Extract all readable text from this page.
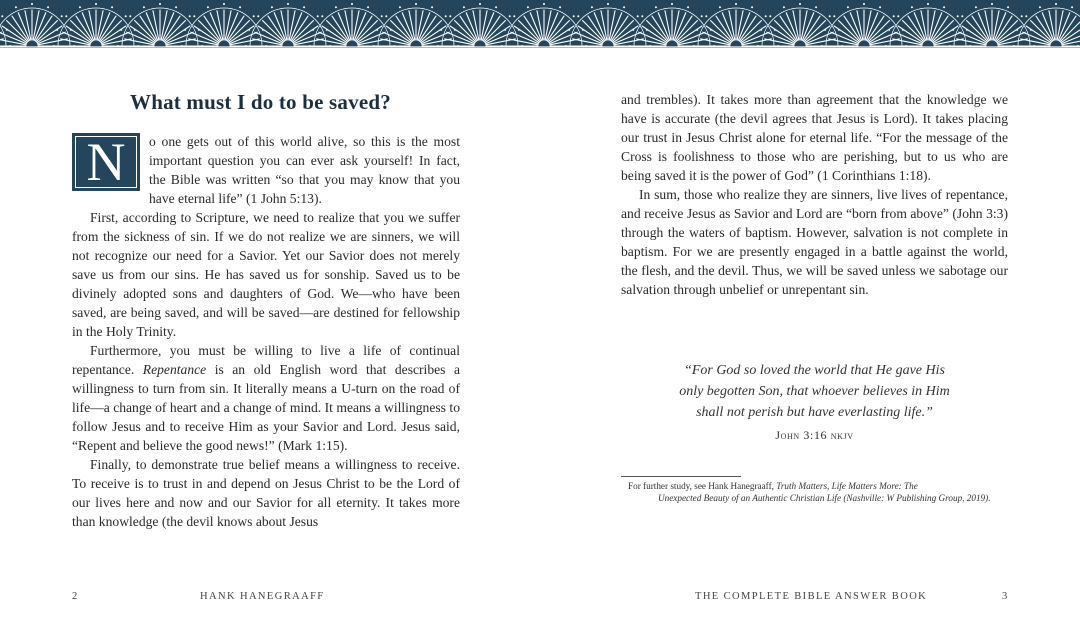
What must I do to be saved?

N	o one gets out of this world alive, so this is the most important question you can ever ask yourself! In fact, the Bible was written “so that you may know that you have eternal life” (1 John 5:13).

First, according to Scripture, we need to realize that you we suffer from the sickness of sin. If we do not realize we are sinners, we will not recognize our need for a Savior. Yet our Savior does not merely save us from our sins. He has saved us for sonship. Saved us to be divinely adopted sons and daughters of God. We—who have been saved, are being saved, and will be saved—are destined for fellowship in the Holy Trinity.

Furthermore, you must be willing to live a life of continual repentance. Repentance is an old English word that describes a willingness to turn from sin. It literally means a U-turn on the road of life—a change of heart and a change of mind. It means a willingness to follow Jesus and to receive Him as your Savior and Lord. Jesus said, “Repent and believe the good news!” (Mark 1:15).

Finally, to demonstrate true belief means a willingness to receive. To receive is to trust in and depend on Jesus Christ to be the Lord of our lives here and now and our Savior for all eternity. It takes more than knowledge (the devil knows about Jesus

2	HANK HANEGRAAFF

and trembles). It takes more than agreement that the knowledge we have is accurate (the devil agrees that Jesus is Lord). It takes placing our trust in Jesus Christ alone for eternal life. “For the message of the Cross is foolishness to those who are perishing, but to us who are being saved it is the power of God” (1 Corinthians 1:18).

In sum, those who realize they are sinners, live lives of repentance, and receive Jesus as Savior and Lord are “born from above” (John 3:3) through the waters of baptism. However, salvation is not complete in baptism. For we are presently engaged in a battle against the world, the flesh, and the devil. Thus, we will be saved unless we sabotage our salvation through unbelief or unrepentant sin.

“For God so loved the world that He gave His
only begotten Son, that whoever believes in Him
shall not perish but have everlasting life.”
John 3:16 nkjv
For further study, see Hank Hanegraaff, Truth Matters, Life Matters More: The
Unexpected Beauty of an Authentic Christian Life (Nashville: W Publishing Group, 2019).
THE COMPLETE BIBLE ANSWER BOOK	3
